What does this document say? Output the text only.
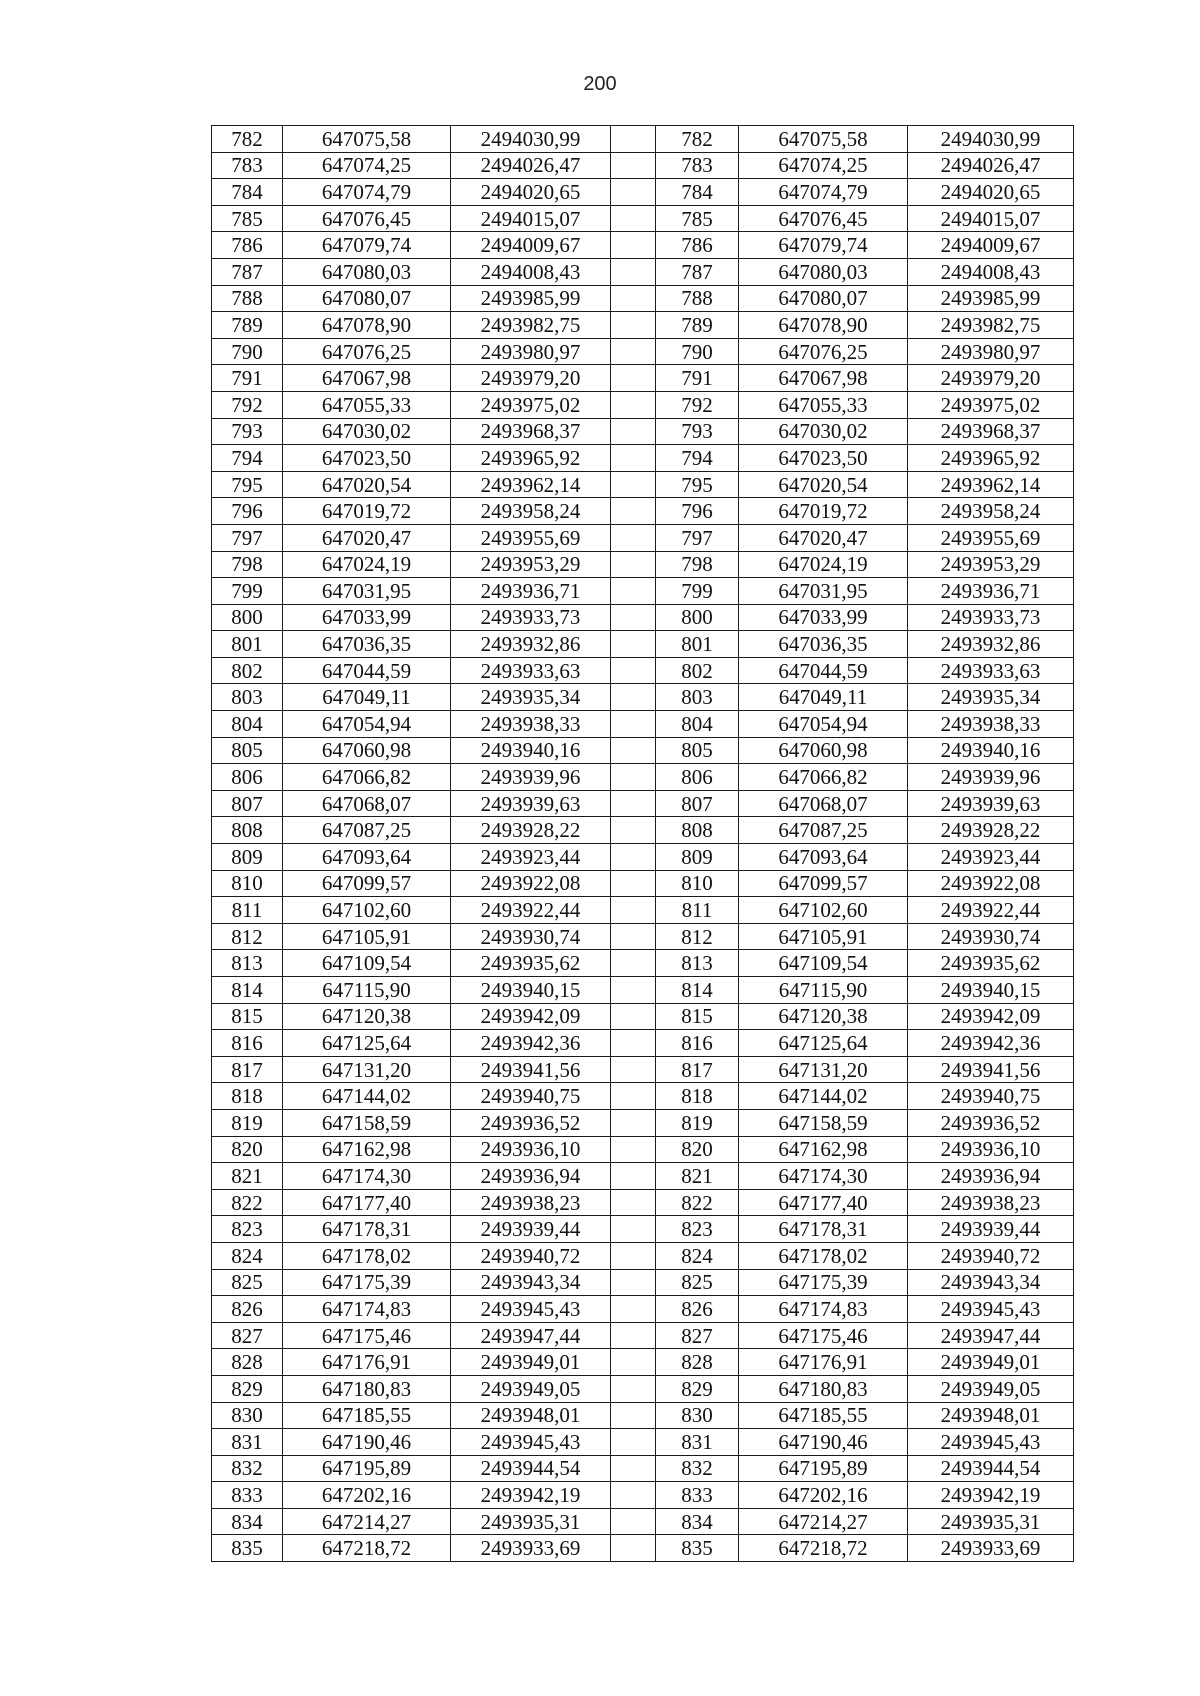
200
782	647075,58	2494030,99		782	647075,58	2494030,99
783	647074,25	2494026,47		783	647074,25	2494026,47
784	647074,79	2494020,65		784	647074,79	2494020,65
785	647076,45	2494015,07		785	647076,45	2494015,07
786	647079,74	2494009,67		786	647079,74	2494009,67
787	647080,03	2494008,43		787	647080,03	2494008,43
788	647080,07	2493985,99		788	647080,07	2493985,99
789	647078,90	2493982,75		789	647078,90	2493982,75
790	647076,25	2493980,97		790	647076,25	2493980,97
791	647067,98	2493979,20		791	647067,98	2493979,20
792	647055,33	2493975,02		792	647055,33	2493975,02
793	647030,02	2493968,37		793	647030,02	2493968,37
794	647023,50	2493965,92		794	647023,50	2493965,92
795	647020,54	2493962,14		795	647020,54	2493962,14
796	647019,72	2493958,24		796	647019,72	2493958,24
797	647020,47	2493955,69		797	647020,47	2493955,69
798	647024,19	2493953,29		798	647024,19	2493953,29
799	647031,95	2493936,71		799	647031,95	2493936,71
800	647033,99	2493933,73		800	647033,99	2493933,73
801	647036,35	2493932,86		801	647036,35	2493932,86
802	647044,59	2493933,63		802	647044,59	2493933,63
803	647049,11	2493935,34		803	647049,11	2493935,34
804	647054,94	2493938,33		804	647054,94	2493938,33
805	647060,98	2493940,16		805	647060,98	2493940,16
806	647066,82	2493939,96		806	647066,82	2493939,96
807	647068,07	2493939,63		807	647068,07	2493939,63
808	647087,25	2493928,22		808	647087,25	2493928,22
809	647093,64	2493923,44		809	647093,64	2493923,44
810	647099,57	2493922,08		810	647099,57	2493922,08
811	647102,60	2493922,44		811	647102,60	2493922,44
812	647105,91	2493930,74		812	647105,91	2493930,74
813	647109,54	2493935,62		813	647109,54	2493935,62
814	647115,90	2493940,15		814	647115,90	2493940,15
815	647120,38	2493942,09		815	647120,38	2493942,09
816	647125,64	2493942,36		816	647125,64	2493942,36
817	647131,20	2493941,56		817	647131,20	2493941,56
818	647144,02	2493940,75		818	647144,02	2493940,75
819	647158,59	2493936,52		819	647158,59	2493936,52
820	647162,98	2493936,10		820	647162,98	2493936,10
821	647174,30	2493936,94		821	647174,30	2493936,94
822	647177,40	2493938,23		822	647177,40	2493938,23
823	647178,31	2493939,44		823	647178,31	2493939,44
824	647178,02	2493940,72		824	647178,02	2493940,72
825	647175,39	2493943,34		825	647175,39	2493943,34
826	647174,83	2493945,43		826	647174,83	2493945,43
827	647175,46	2493947,44		827	647175,46	2493947,44
828	647176,91	2493949,01		828	647176,91	2493949,01
829	647180,83	2493949,05		829	647180,83	2493949,05
830	647185,55	2493948,01		830	647185,55	2493948,01
831	647190,46	2493945,43		831	647190,46	2493945,43
832	647195,89	2493944,54		832	647195,89	2493944,54
833	647202,16	2493942,19		833	647202,16	2493942,19
834	647214,27	2493935,31		834	647214,27	2493935,31
835	647218,72	2493933,69		835	647218,72	2493933,69
